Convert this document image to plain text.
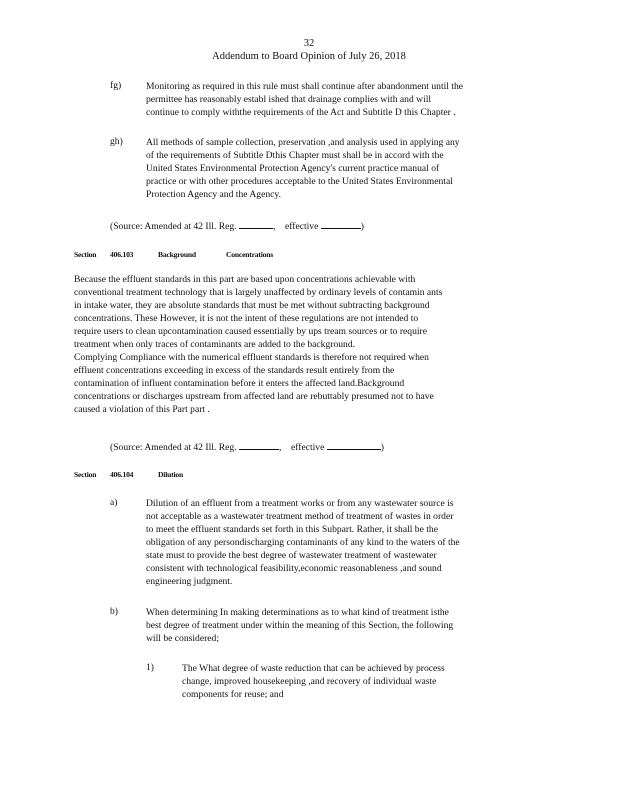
32
Addendum to Board Opinion of July 26, 2018
fg)	Monitoring as required in this rule must shall continue after abandonment until the

permittee has reasonably establ ished that drainage complies with and will

continue to comply withthe requirements of the Act and Subtitle D this Chapter .

gh) All methods of sample collection, preservation ,and analysis used in applying any

of the requirements of Subtitle Dthis Chapter must shall be in accord with the

United States Environmental Protection Agency's current practice manual of

practice or with other procedures acceptable to the United States Environmental

Protection Agency and the Agency.

(Source: Amended at 42 Ill. Reg.	,    effective	)

Section 406.103	Background	Concentrations

Because the effluent standards in this part are based upon concentrations achievable with

conventional treatment technology that is largely unaffected by ordinary levels of contamin ants

in intake water, they are absolute standards that must be met without subtracting background

concentrations. These However, it is not the intent of these regulations are not intended to

require users to clean upcontamination caused essentially by ups tream sources or to require

treatment when only traces of contaminants are added to the background.

Complying Compliance with the numerical effluent standards is therefore not required when

effluent concentrations exceeding in excess of the standards result entirely from the

contamination of influent contamination before it enters the affected land.Background

concentrations or discharges upstream from affected land are rebuttably presumed not to have

caused a violation of this Part part .

(Source: Amended at 42 Ill. Reg.	,    effective	)

Section 406.104	Dilution
a)	Dilution of an effluent from a treatment works or from any wastewater source is

not acceptable as a wastewater treatment method of treatment of wastes in order

to meet the effluent standards set forth in this Subpart. Rather, it shall be the

obligation of any persondischarging contaminants of any kind to the waters of the

state must to provide the best degree of wastewater treatment of wastewater

consistent with technological feasibility,economic reasonableness ,and sound

engineering judgment.

b)	When determining In making determinations as to what kind of treatment isthe

best degree of treatment under within the meaning of this Section, the following

will be considered;

1)	The What degree of waste reduction that can be achieved by process

change, improved housekeeping ,and recovery of individual waste

components for reuse; and
